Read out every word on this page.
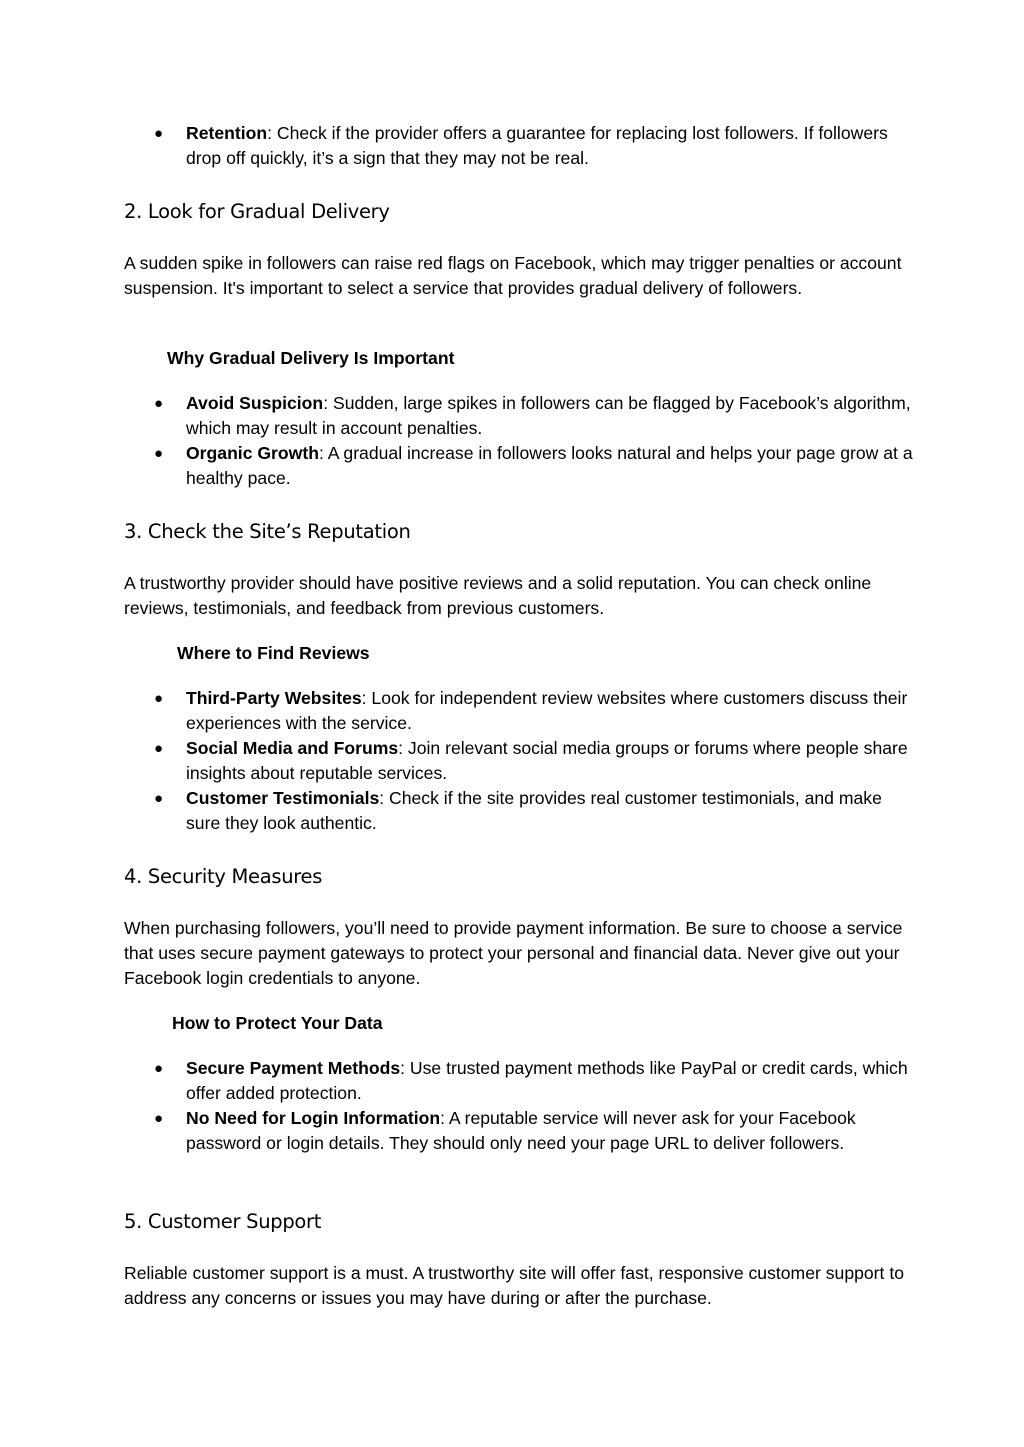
● Retention: Check if the provider offers a guarantee for replacing lost followers. If followers drop off quickly, it’s a sign that they may not be real.
2. Look for Gradual Delivery

A sudden spike in followers can raise red flags on Facebook, which may trigger penalties or account suspension. It's important to select a service that provides gradual delivery of followers.

Why Gradual Delivery Is Important
● Avoid Suspicion: Sudden, large spikes in followers can be flagged by Facebook’s algorithm, which may result in account penalties.
● Organic Growth: A gradual increase in followers looks natural and helps your page grow at a healthy pace.
3. Check the Site’s Reputation

A trustworthy provider should have positive reviews and a solid reputation. You can check online reviews, testimonials, and feedback from previous customers.

Where to Find Reviews
● Third-Party Websites: Look for independent review websites where customers discuss their experiences with the service.
● Social Media and Forums: Join relevant social media groups or forums where people share insights about reputable services.
● Customer Testimonials: Check if the site provides real customer testimonials, and make sure they look authentic.
4. Security Measures

When purchasing followers, you’ll need to provide payment information. Be sure to choose a service that uses secure payment gateways to protect your personal and financial data. Never give out your Facebook login credentials to anyone.

How to Protect Your Data
● Secure Payment Methods: Use trusted payment methods like PayPal or credit cards, which offer added protection.
● No Need for Login Information: A reputable service will never ask for your Facebook password or login details. They should only need your page URL to deliver followers.
5. Customer Support

Reliable customer support is a must. A trustworthy site will offer fast, responsive customer support to address any concerns or issues you may have during or after the purchase.
